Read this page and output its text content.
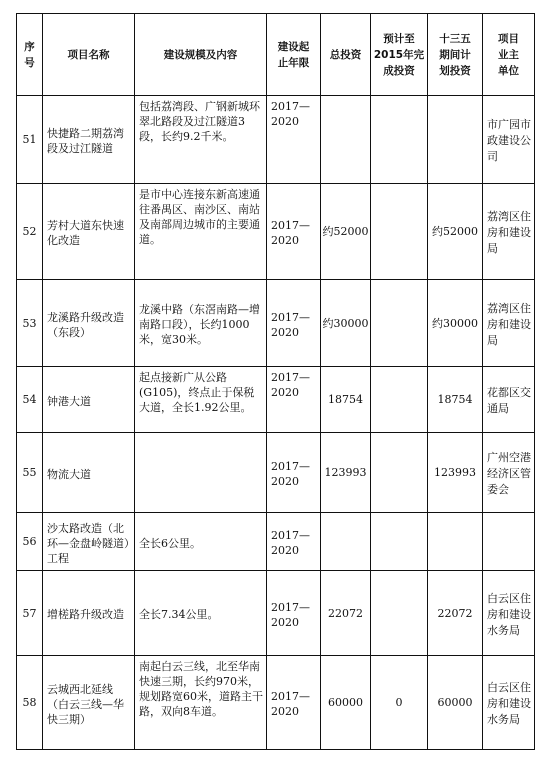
序号	项目名称	建设规模及内容	建设起止年限	总投资	预计至2015年完成投资	十三五期间计划投资	项目业主单位
51	快捷路二期荔湾段及过江隧道	包括荔湾段、广钢新城环翠北路段及过江隧道3段，长约9.2千米。	2017—2020				市广园市政建设公司
52	芳村大道东快速化改造	是市中心连接东新高速通往番禺区、南沙区、南站及南部周边城市的主要通道。	2017—2020	约52000		约52000	荔湾区住房和建设局
53	龙溪路升级改造（东段）	龙溪中路（东滘南路—增南路口段），长约1000米，宽30米。	2017—2020	约30000		约30000	荔湾区住房和建设局
54	钟港大道	起点接新广从公路(G105)，终点止于保税大道，全长1.92公里。	2017—2020	18754		18754	花都区交通局
55	物流大道		2017—2020	123993		123993	广州空港经济区管委会
56	沙太路改造（北环—金盘岭隧道）工程	全长6公里。	2017—2020				
57	增槎路升级改造	全长7.34公里。	2017—2020	22072		22072	白云区住房和建设水务局
58	云城西北延线（白云三线—华快三期）	南起白云三线，北至华南快速三期，长约970米，规划路宽60米，道路主干路，双向8车道。	2017—2020	60000	0	60000	白云区住房和建设水务局
